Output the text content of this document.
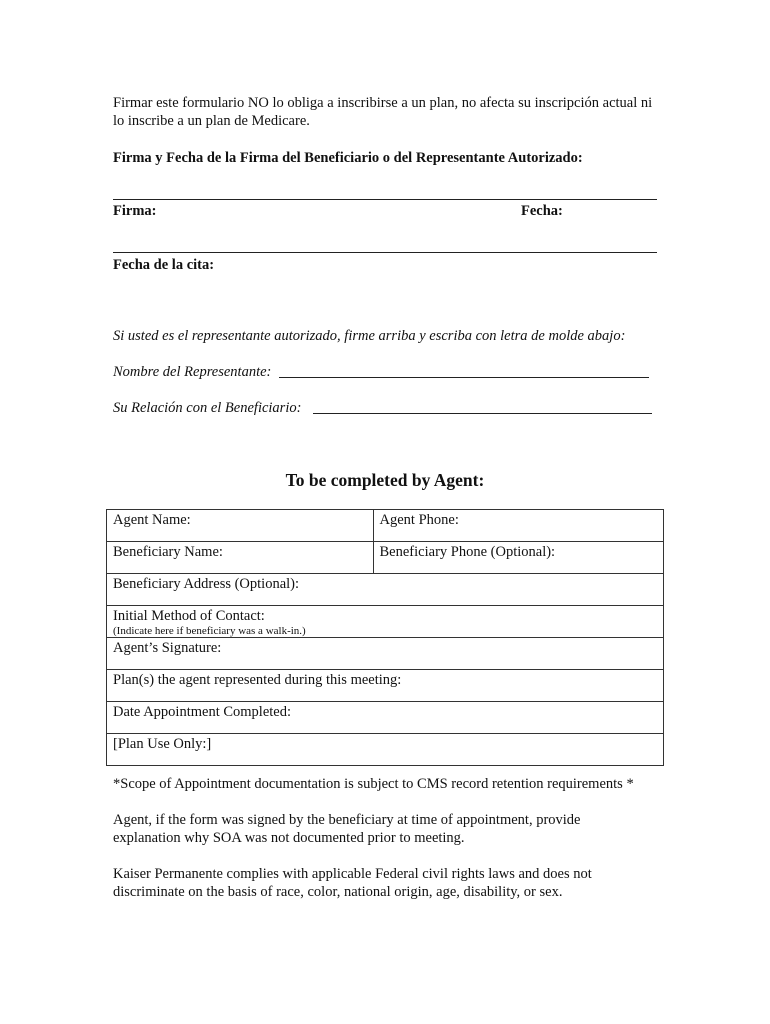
Firmar este formulario NO lo obliga a inscribirse a un plan, no afecta su inscripción actual ni
lo inscribe a un plan de Medicare.
Firma y Fecha de la Firma del Beneficiario o del Representante Autorizado:
Firma:	Fecha:
Fecha de la cita:
Si usted es el representante autorizado, firme arriba y escriba con letra de molde abajo:
Nombre del Representante:
Su Relación con el Beneficiario:
To be completed by Agent:
Agent Name:	Agent Phone:
Beneficiary Name:	Beneficiary Phone (Optional):
Beneficiary Address (Optional):	
Initial Method of Contact:
(Indicate here if beneficiary was a walk-in.)	

Agent’s Signature:	
Plan(s) the agent represented during this meeting:	
Date Appointment Completed:	
[Plan Use Only:]	
*Scope of Appointment documentation is subject to CMS record retention requirements *
Agent, if the form was signed by the beneficiary at time of appointment, provide
explanation why SOA was not documented prior to meeting.
Kaiser Permanente complies with applicable Federal civil rights laws and does not
discriminate on the basis of race, color, national origin, age, disability, or sex.
